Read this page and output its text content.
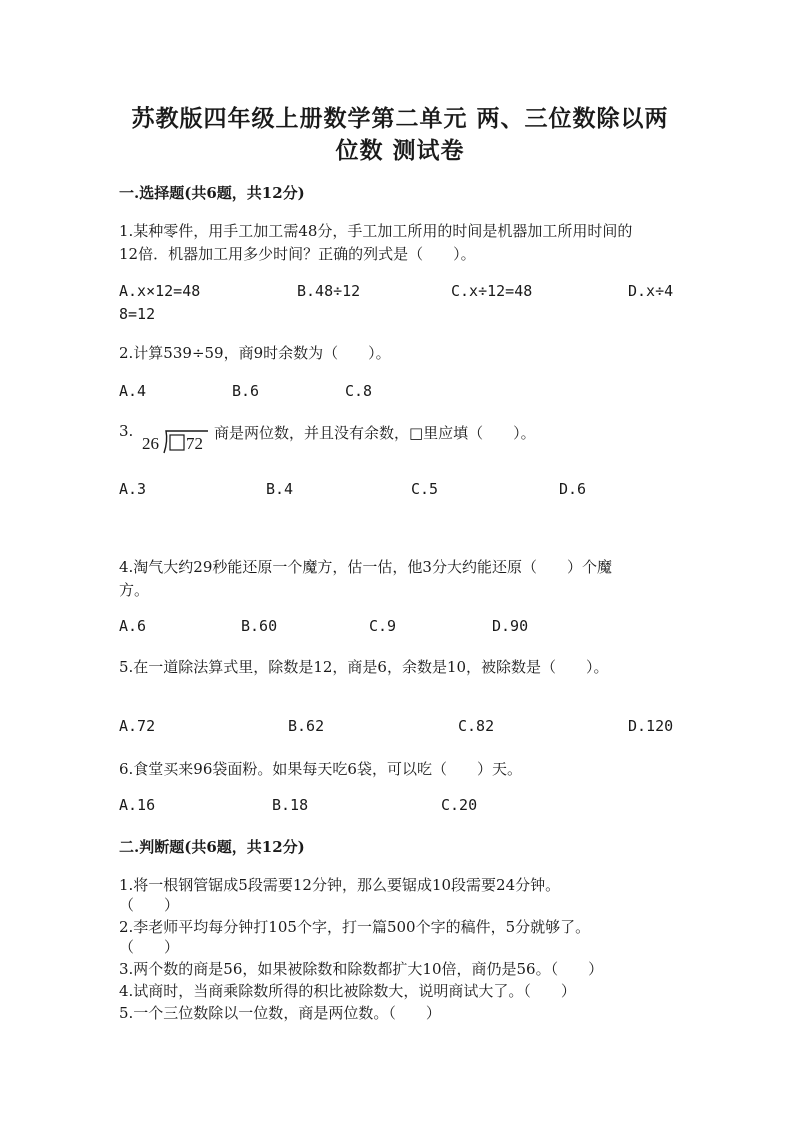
苏教版四年级上册数学第二单元 两、三位数除以两
位数 测试卷
一.选择题(共6题，共12分)
1.某种零件，用手工加工需48分，手工加工所用的时间是机器加工所用时间的
12倍．机器加工用多少时间？正确的列式是（　　）。
A.x×12=48	B.48÷12	C.x÷12=48	D.x÷4
8=12
2.计算539÷59，商9时余数为（　　）。
A.4	B.6	C.8
3.
26 72
商是两位数，并且没有余数，□里应填（　　）。
A.3	B.4	C.5	D.6
4.淘气大约29秒能还原一个魔方，估一估，他3分大约能还原（　　）个魔
方。
A.6	B.60	C.9	D.90
5.在一道除法算式里，除数是12，商是6，余数是10，被除数是（　　）。
A.72	B.62	C.82	D.120
6.食堂买来96袋面粉。如果每天吃6袋，可以吃（　　）天。
A.16	B.18	C.20
二.判断题(共6题，共12分)
1.将一根钢管锯成5段需要12分钟，那么要锯成10段需要24分钟。
（　　）
2.李老师平均每分钟打105个字，打一篇500个字的稿件，5分就够了。
（　　）
3.两个数的商是56，如果被除数和除数都扩大10倍，商仍是56。（　　）
4.试商时，当商乘除数所得的积比被除数大，说明商试大了。（　　）
5.一个三位数除以一位数，商是两位数。（　　）
